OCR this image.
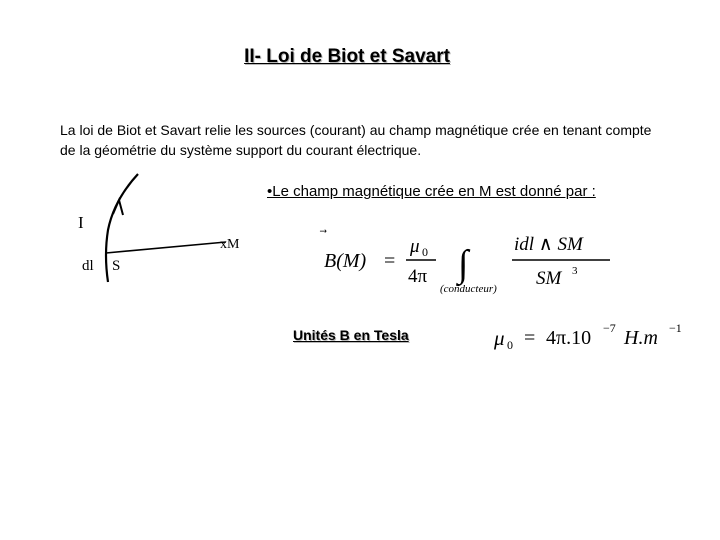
II- Loi de Biot et Savart
La loi de Biot et Savart relie les sources (courant) au champ magnétique crée en tenant compte de la géométrie du système support du courant électrique.
•Le champ magnétique crée en M est donné par :
I
dl S
xM
B(M) =
μ 0
4π ∫
(conducteur)
idl ∧ SM
SM 3
Unités B en Tesla	μ 0 = 4π.10 −7 H.m −1
